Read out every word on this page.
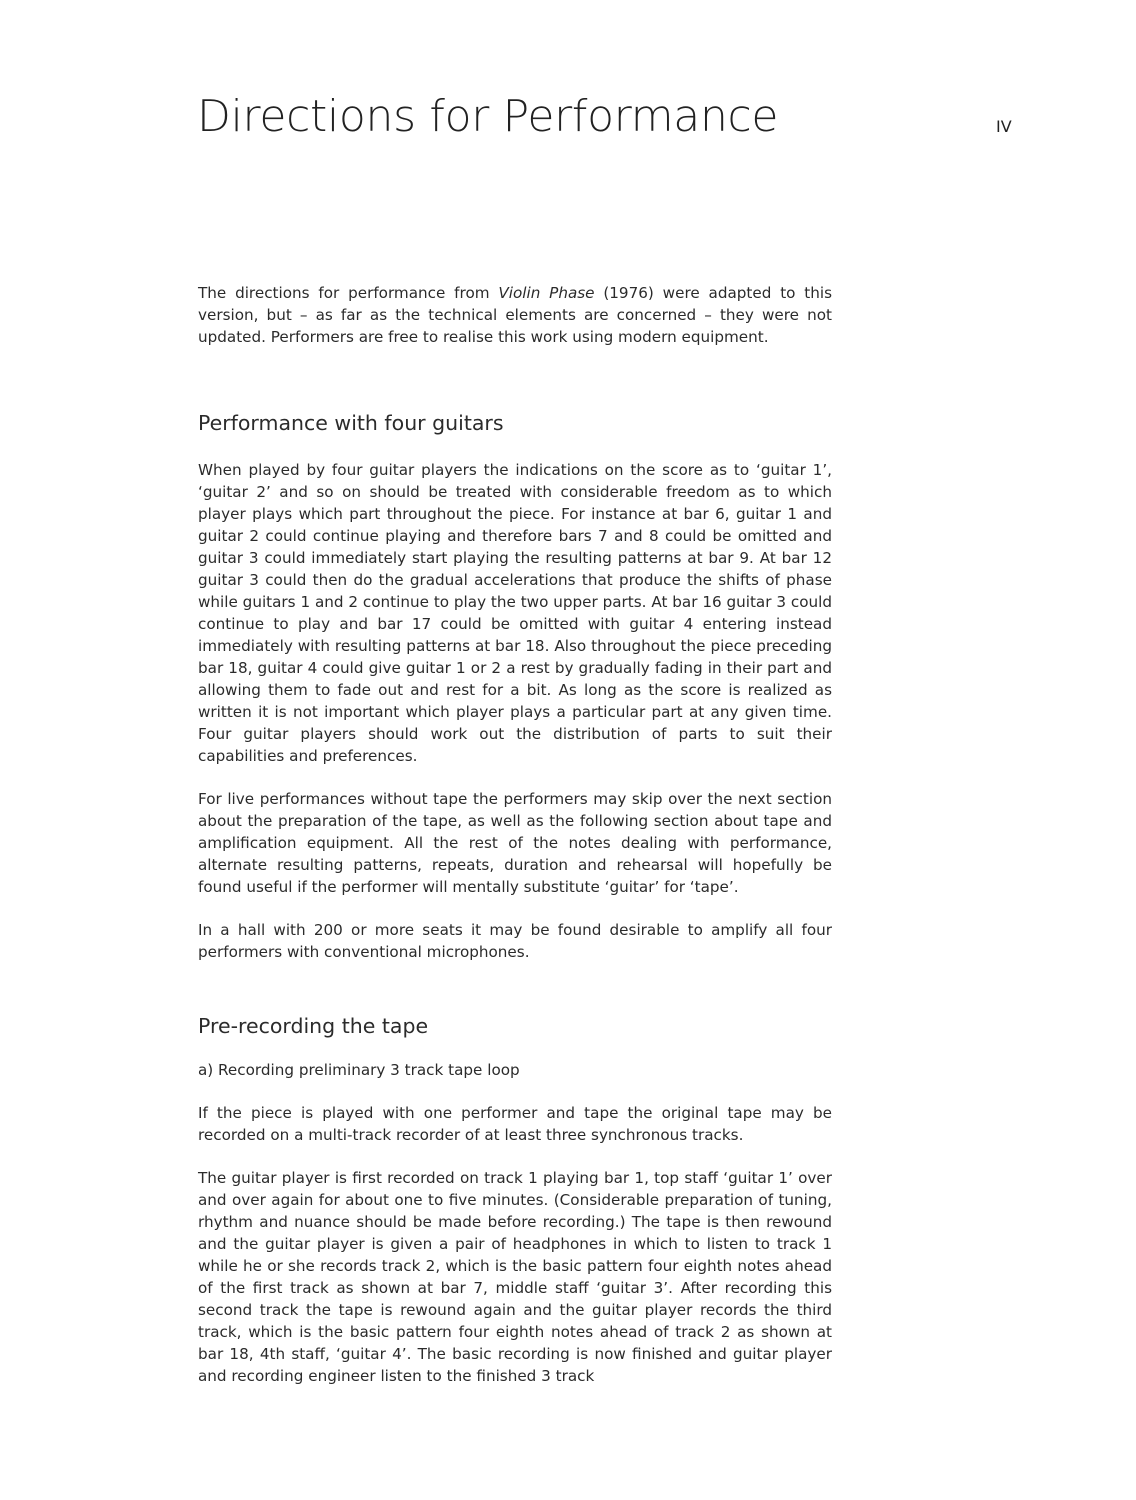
Directions for Performance	IV

The directions for performance from Violin Phase (1976) were adapted to this version, but – as far as the technical elements are concerned – they were not updated. Performers are free to realise this work using modern equipment.

Performance with four guitars

When played by four guitar players the indications on the score as to ‘guitar 1’, ‘guitar 2’ and so on should be treated with considerable freedom as to which player plays which part throughout the piece. For instance at bar 6, guitar 1 and guitar 2 could continue playing and therefore bars 7 and 8 could be omitted and guitar 3 could immediately start playing the resulting patterns at bar 9. At bar 12 guitar 3 could then do the gradual accelerations that produce the shifts of phase while guitars 1 and 2 continue to play the two upper parts. At bar 16 guitar 3 could continue to play and bar 17 could be omitted with guitar 4 entering instead immediately with resulting patterns at bar 18. Also throughout the piece preceding bar 18, guitar 4 could give guitar 1 or 2 a rest by gradually fading in their part and allowing them to fade out and rest for a bit. As long as the score is realized as written it is not important which player plays a particular part at any given time. Four guitar players should work out the distribution of parts to suit their capabilities and preferences.

For live performances without tape the performers may skip over the next section about the preparation of the tape, as well as the following section about tape and amplification equipment. All the rest of the notes dealing with performance, alternate resulting patterns, repeats, duration and rehearsal will hopefully be found useful if the performer will mentally substitute ‘guitar’ for ‘tape’.

In a hall with 200 or more seats it may be found desirable to amplify all four performers with conventional microphones.

Pre-recording the tape

a) Recording preliminary 3 track tape loop

If the piece is played with one performer and tape the original tape may be recorded on a multi-track recorder of at least three synchronous tracks.

The guitar player is first recorded on track 1 playing bar 1, top staff ‘guitar 1’ over and over again for about one to five minutes. (Considerable preparation of tuning, rhythm and nuance should be made before recording.) The tape is then rewound and the guitar player is given a pair of headphones in which to listen to track 1 while he or she records track 2, which is the basic pattern four eighth notes ahead of the first track as shown at bar 7, middle staff ‘guitar 3’. After recording this second track the tape is rewound again and the guitar player records the third track, which is the basic pattern four eighth notes ahead of track 2 as shown at bar 18, 4th staff, ‘guitar 4’. The basic recording is now finished and guitar player and recording engineer listen to the finished 3 track
